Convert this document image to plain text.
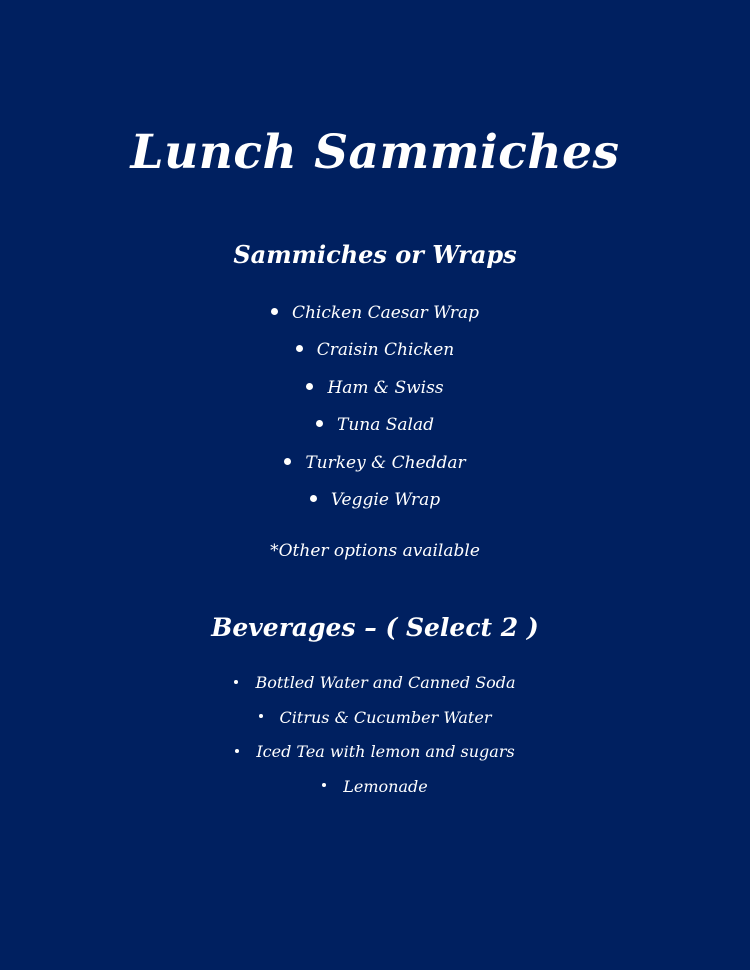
Lunch Sammiches
Sammiches or Wraps
Chicken Caesar Wrap
Craisin Chicken
Ham & Swiss
Tuna Salad
Turkey & Cheddar
Veggie Wrap

*Other options available

Beverages – ( Select 2 )
Bottled Water and Canned Soda
Citrus & Cucumber Water
Iced Tea with lemon and sugars
Lemonade
